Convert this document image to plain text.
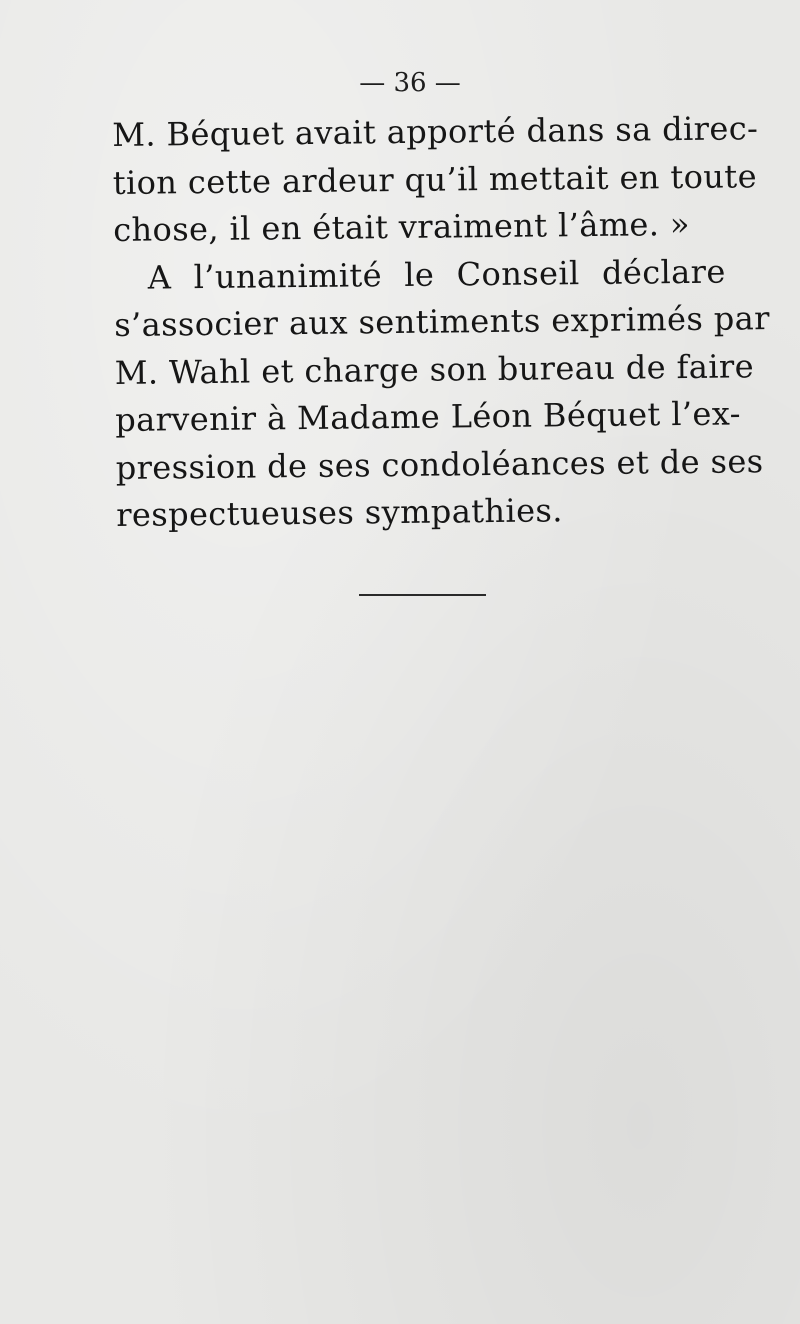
— 36 —
M. Béquet avait apporté dans sa direc-
tion cette ardeur qu’il mettait en toute
chose, il en était vraiment l’âme. »
A l’unanimité le Conseil déclare
s’associer aux sentiments exprimés par
M. Wahl et charge son bureau de faire
parvenir à Madame Léon Béquet l’ex-
pression de ses condoléances et de ses
respectueuses sympathies.
